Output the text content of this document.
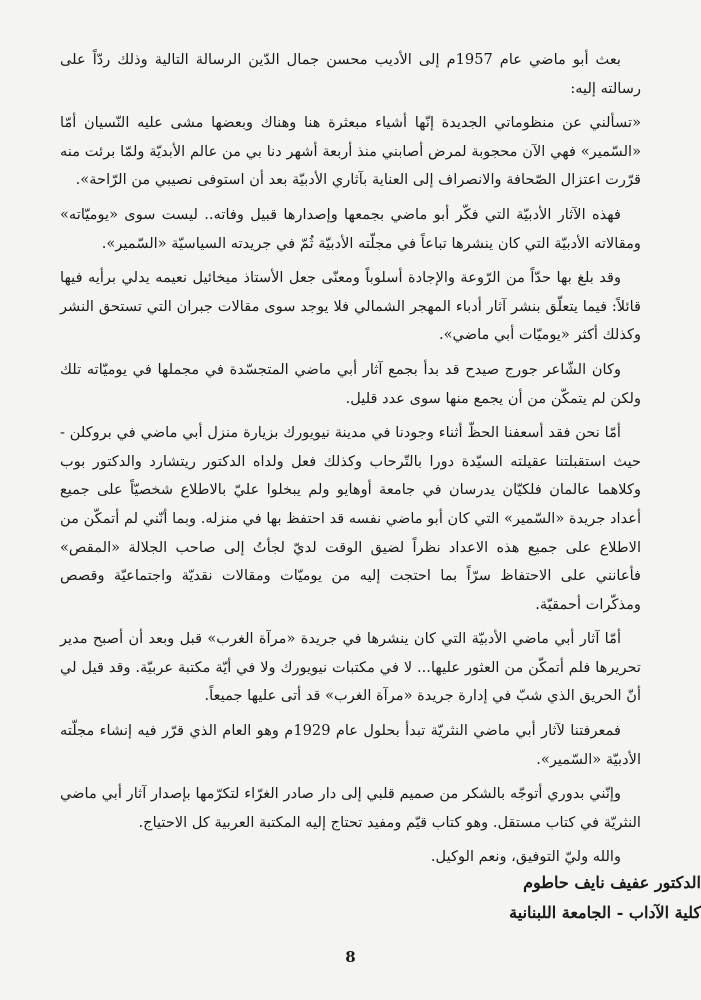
بعث أبو ماضي عام 1957م إلى الأديب محسن جمال الدّين الرسالة التالية وذلك ردّاً على رسالته إليه:

«تسألني عن منظوماتي الجديدة إنّها أشياء مبعثرة هنا وهناك وبعضها مشى عليه النّسيان أمّا «السّمير» فهي الآن محجوبة لمرض أصابني منذ أربعة أشهر دنا بي من عالم الأبديّة ولمّا برئت منه قرّرت اعتزال الصّحافة والانصراف إلى العناية بآثاري الأدبيّة بعد أن استوفى نصيبي من الرّاحة».

فهذه الآثار الأدبيّة التي فكّر أبو ماضي بجمعها وإصدارها قبيل وفاته.. ليست سوى «يوميّاته» ومقالاته الأدبيّة التي كان ينشرها تباعاً في مجلّته الأدبيّة ثُمّ في جريدته السياسيّة «السّمير».

وقد بلغ بها حدّاً من الرّوعة والإجادة أسلوباً ومعنّى جعل الأستاذ ميخائيل نعيمه يدلي برأيه فيها قائلاً: فيما يتعلّق بنشر آثار أدباء المهجر الشمالي فلا يوجد سوى مقالات جبران التي تستحق النشر وكذلك أكثر «يوميّات أبي ماضي».

وكان الشّاعر جورج صيدح قد بدأ بجمع آثار أبي ماضي المتجسّدة في مجملها في يوميّاته تلك ولكن لم يتمكّن من أن يجمع منها سوى عدد قليل.

أمّا نحن فقد أسعفنا الحظّ أثناء وجودنا في مدينة نيويورك بزيارة منزل أبي ماضي في بروكلن - حيث استقبلتنا عقيلته السيّدة دورا بالتّرحاب وكذلك فعل ولداه الدكتور ريتشارد والدكتور بوب وكلاهما عالمان فلكيّان يدرسان في جامعة أوهايو ولم يبخلوا عليّ بالاطلاع شخصيّاً على جميع أعداد جريدة «السّمير» التي كان أبو ماضي نفسه قد احتفظ بها في منزله. وبما أنّني لم أتمكّن من الاطلاع على جميع هذه الاعداد نظراً لضيق الوقت لديّ لجأتُ إلى صاحب الجلالة «المقص» فأعانني على الاحتفاظ سرّاً بما احتجت إليه من يوميّات ومقالات نقديّة واجتماعيّة وقصص ومذكّرات أحمقيّة.

أمّا آثار أبي ماضي الأدبيّة التي كان ينشرها في جريدة «مرآة الغرب» قبل وبعد أن أصبح مدير تحريرها فلم أتمكّن من العثور عليها... لا في مكتبات نيويورك ولا في أيّة مكتبة عربيّة. وقد قيل لي أنّ الحريق الذي شبّ في إدارة جريدة «مرآة الغرب» قد أتى عليها جميعاً.

فمعرفتنا لآثار أبي ماضي النثريّة تبدأ بحلول عام 1929م وهو العام الذي قرّر فيه إنشاء مجلّته الأدبيّة «السّمير».

وإنّني بدوري أتوجّه بالشكر من صميم قلبي إلى دار صادر الغرّاء لتكرّمها بإصدار آثار أبي ماضي النثريّة في كتاب مستقل. وهو كتاب قيّم ومفيد تحتاج إليه المكتبة العربية كل الاحتياج.

والله وليّ التوفيق، ونعم الوكيل.

الدكتور عفيف نايف حاطوم
كلية الآداب - الجامعة اللبنانية
8
